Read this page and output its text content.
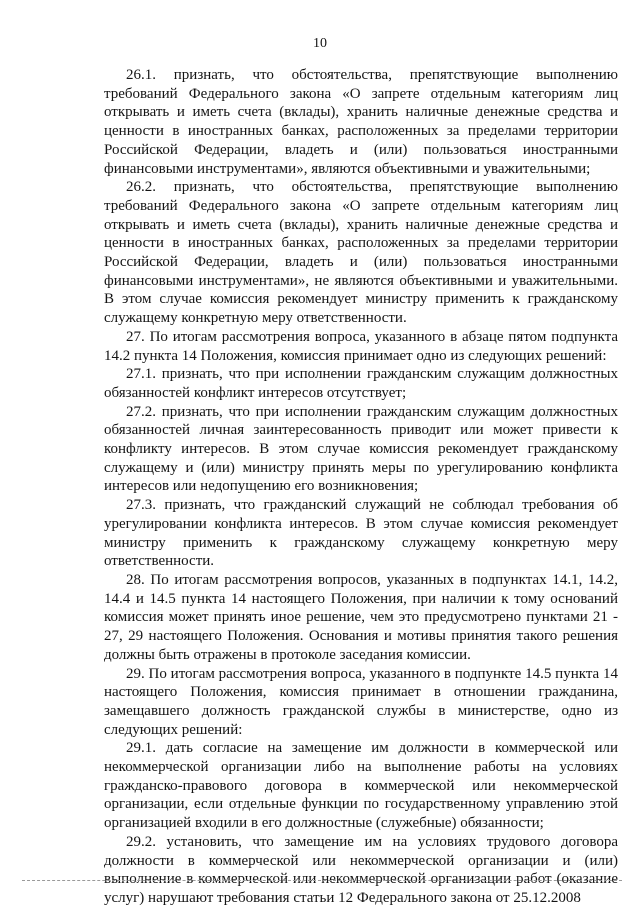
10

26.1. признать, что обстоятельства, препятствующие выполнению требований Федерального закона «О запрете отдельным категориям лиц открывать и иметь счета (вклады), хранить наличные денежные средства и ценности в иностранных банках, расположенных за пределами территории Российской Федерации, владеть и (или) пользоваться иностранными финансовыми инструментами», являются объективными и уважительными;

26.2. признать, что обстоятельства, препятствующие выполнению требований Федерального закона «О запрете отдельным категориям лиц открывать и иметь счета (вклады), хранить наличные денежные средства и ценности в иностранных банках, расположенных за пределами территории Российской Федерации, владеть и (или) пользоваться иностранными финансовыми инструментами», не являются объективными и уважительными. В этом случае комиссия рекомендует министру применить к гражданскому служащему конкретную меру ответственности.

27. По итогам рассмотрения вопроса, указанного в абзаце пятом подпункта 14.2 пункта 14 Положения, комиссия принимает одно из следующих решений:

27.1. признать, что при исполнении гражданским служащим должностных обязанностей конфликт интересов отсутствует;

27.2. признать, что при исполнении гражданским служащим должностных обязанностей личная заинтересованность приводит или может привести к конфликту интересов. В этом случае комиссия рекомендует гражданскому служащему и (или) министру принять меры по урегулированию конфликта интересов или недопущению его возникновения;

27.3. признать, что гражданский служащий не соблюдал требования об урегулировании конфликта интересов. В этом случае комиссия рекомендует министру применить к гражданскому служащему конкретную меру ответственности.

28. По итогам рассмотрения вопросов, указанных в подпунктах 14.1, 14.2, 14.4 и 14.5 пункта 14 настоящего Положения, при наличии к тому оснований комиссия может принять иное решение, чем это предусмотрено пунктами 21 - 27, 29 настоящего Положения. Основания и мотивы принятия такого решения должны быть отражены в протоколе заседания комиссии.

29. По итогам рассмотрения вопроса, указанного в подпункте 14.5 пункта 14 настоящего Положения, комиссия принимает в отношении гражданина, замещавшего должность гражданской службы в министерстве, одно из следующих решений:

29.1. дать согласие на замещение им должности в коммерческой или некоммерческой организации либо на выполнение работы на условиях гражданско-правового договора в коммерческой или некоммерческой организации, если отдельные функции по государственному управлению этой организацией входили в его должностные (служебные) обязанности;

29.2. установить, что замещение им на условиях трудового договора должности в коммерческой или некоммерческой организации и (или) выполнение в коммерческой или некоммерческой организации работ (оказание услуг) нарушают требования статьи 12 Федерального закона от 25.12.2008
